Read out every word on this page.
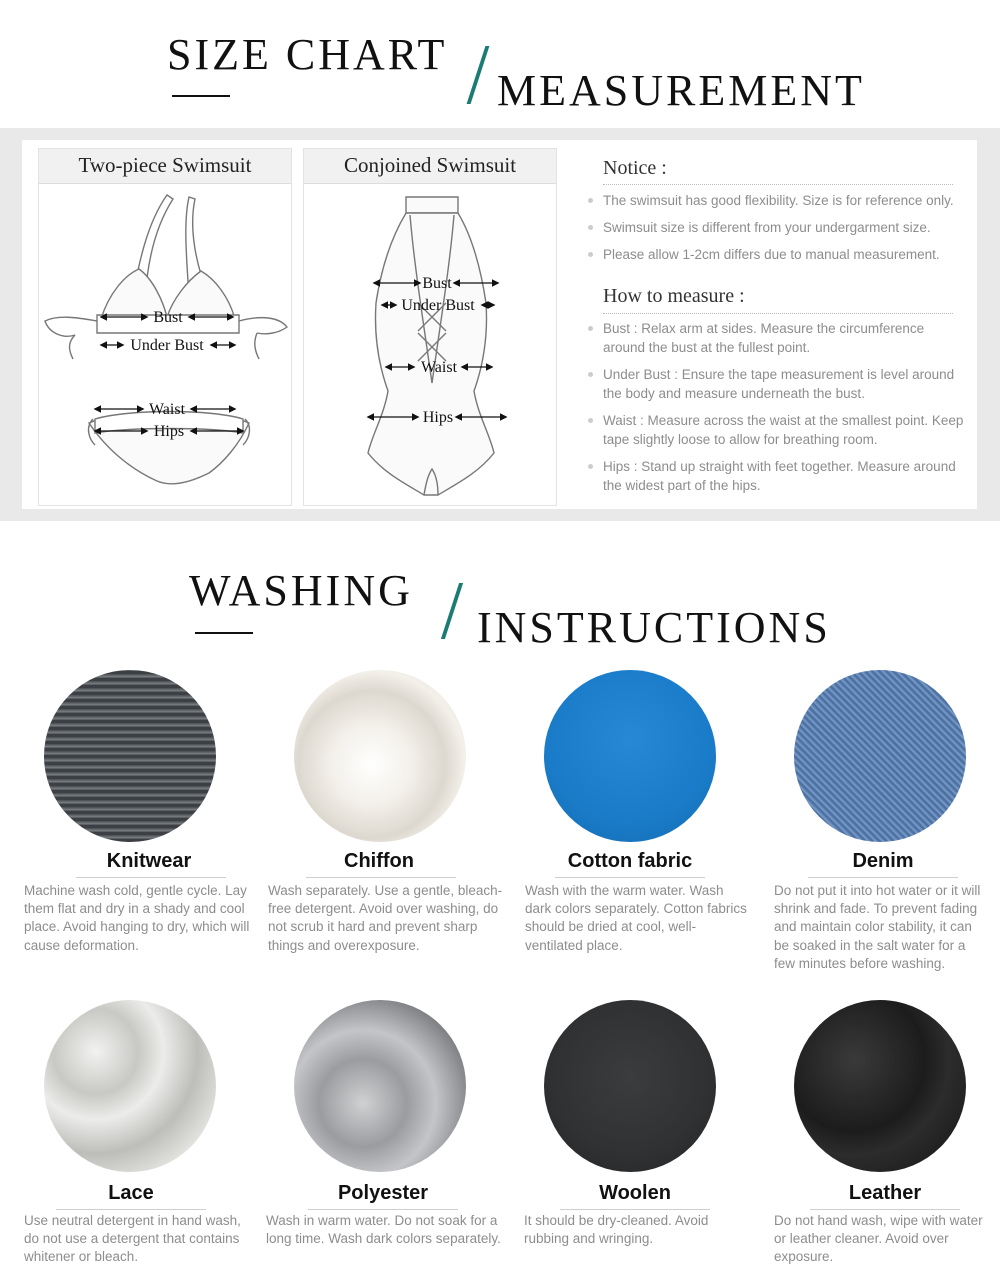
SIZE CHART
MEASUREMENT
Two-piece Swimsuit
Bust
Under Bust
Waist
Hips
Conjoined Swimsuit
Bust
Under Bust
Waist
Hips
Notice :
The swimsuit has good flexibility. Size is for reference only.
Swimsuit size is different from your undergarment size.
Please allow 1-2cm differs due to manual measurement.
How to measure :
Bust : Relax arm at sides. Measure the circumference around the bust at the fullest point.
Under Bust : Ensure the tape measurement is level around the body and measure underneath the bust.
Waist : Measure across the waist at the smallest point. Keep tape slightly loose to allow for breathing room.
Hips : Stand up straight with feet together. Measure around the widest part of the hips.
WASHING
INSTRUCTIONS
Knitwear
Machine wash cold, gentle cycle. Lay them flat and dry in a shady and cool place. Avoid hanging to dry, which will cause deformation.
Chiffon
Wash separately. Use a gentle, bleach-free detergent. Avoid over washing, do not scrub it hard and prevent sharp things and overexposure.
Cotton fabric
Wash with the warm water. Wash dark colors separately. Cotton fabrics should be dried at cool, well-ventilated place.
Denim
Do not put it into hot water or it will shrink and fade. To prevent fading and maintain color stability, it can be soaked in the salt water for a few minutes before washing.
Lace
Use neutral detergent in hand wash, do not use a detergent that contains whitener or bleach.
Polyester
Wash in warm water. Do not soak for a long time. Wash dark colors separately.
Woolen
It should be dry-cleaned. Avoid rubbing and wringing.
Leather
Do not hand wash, wipe with water or leather cleaner. Avoid over exposure.
